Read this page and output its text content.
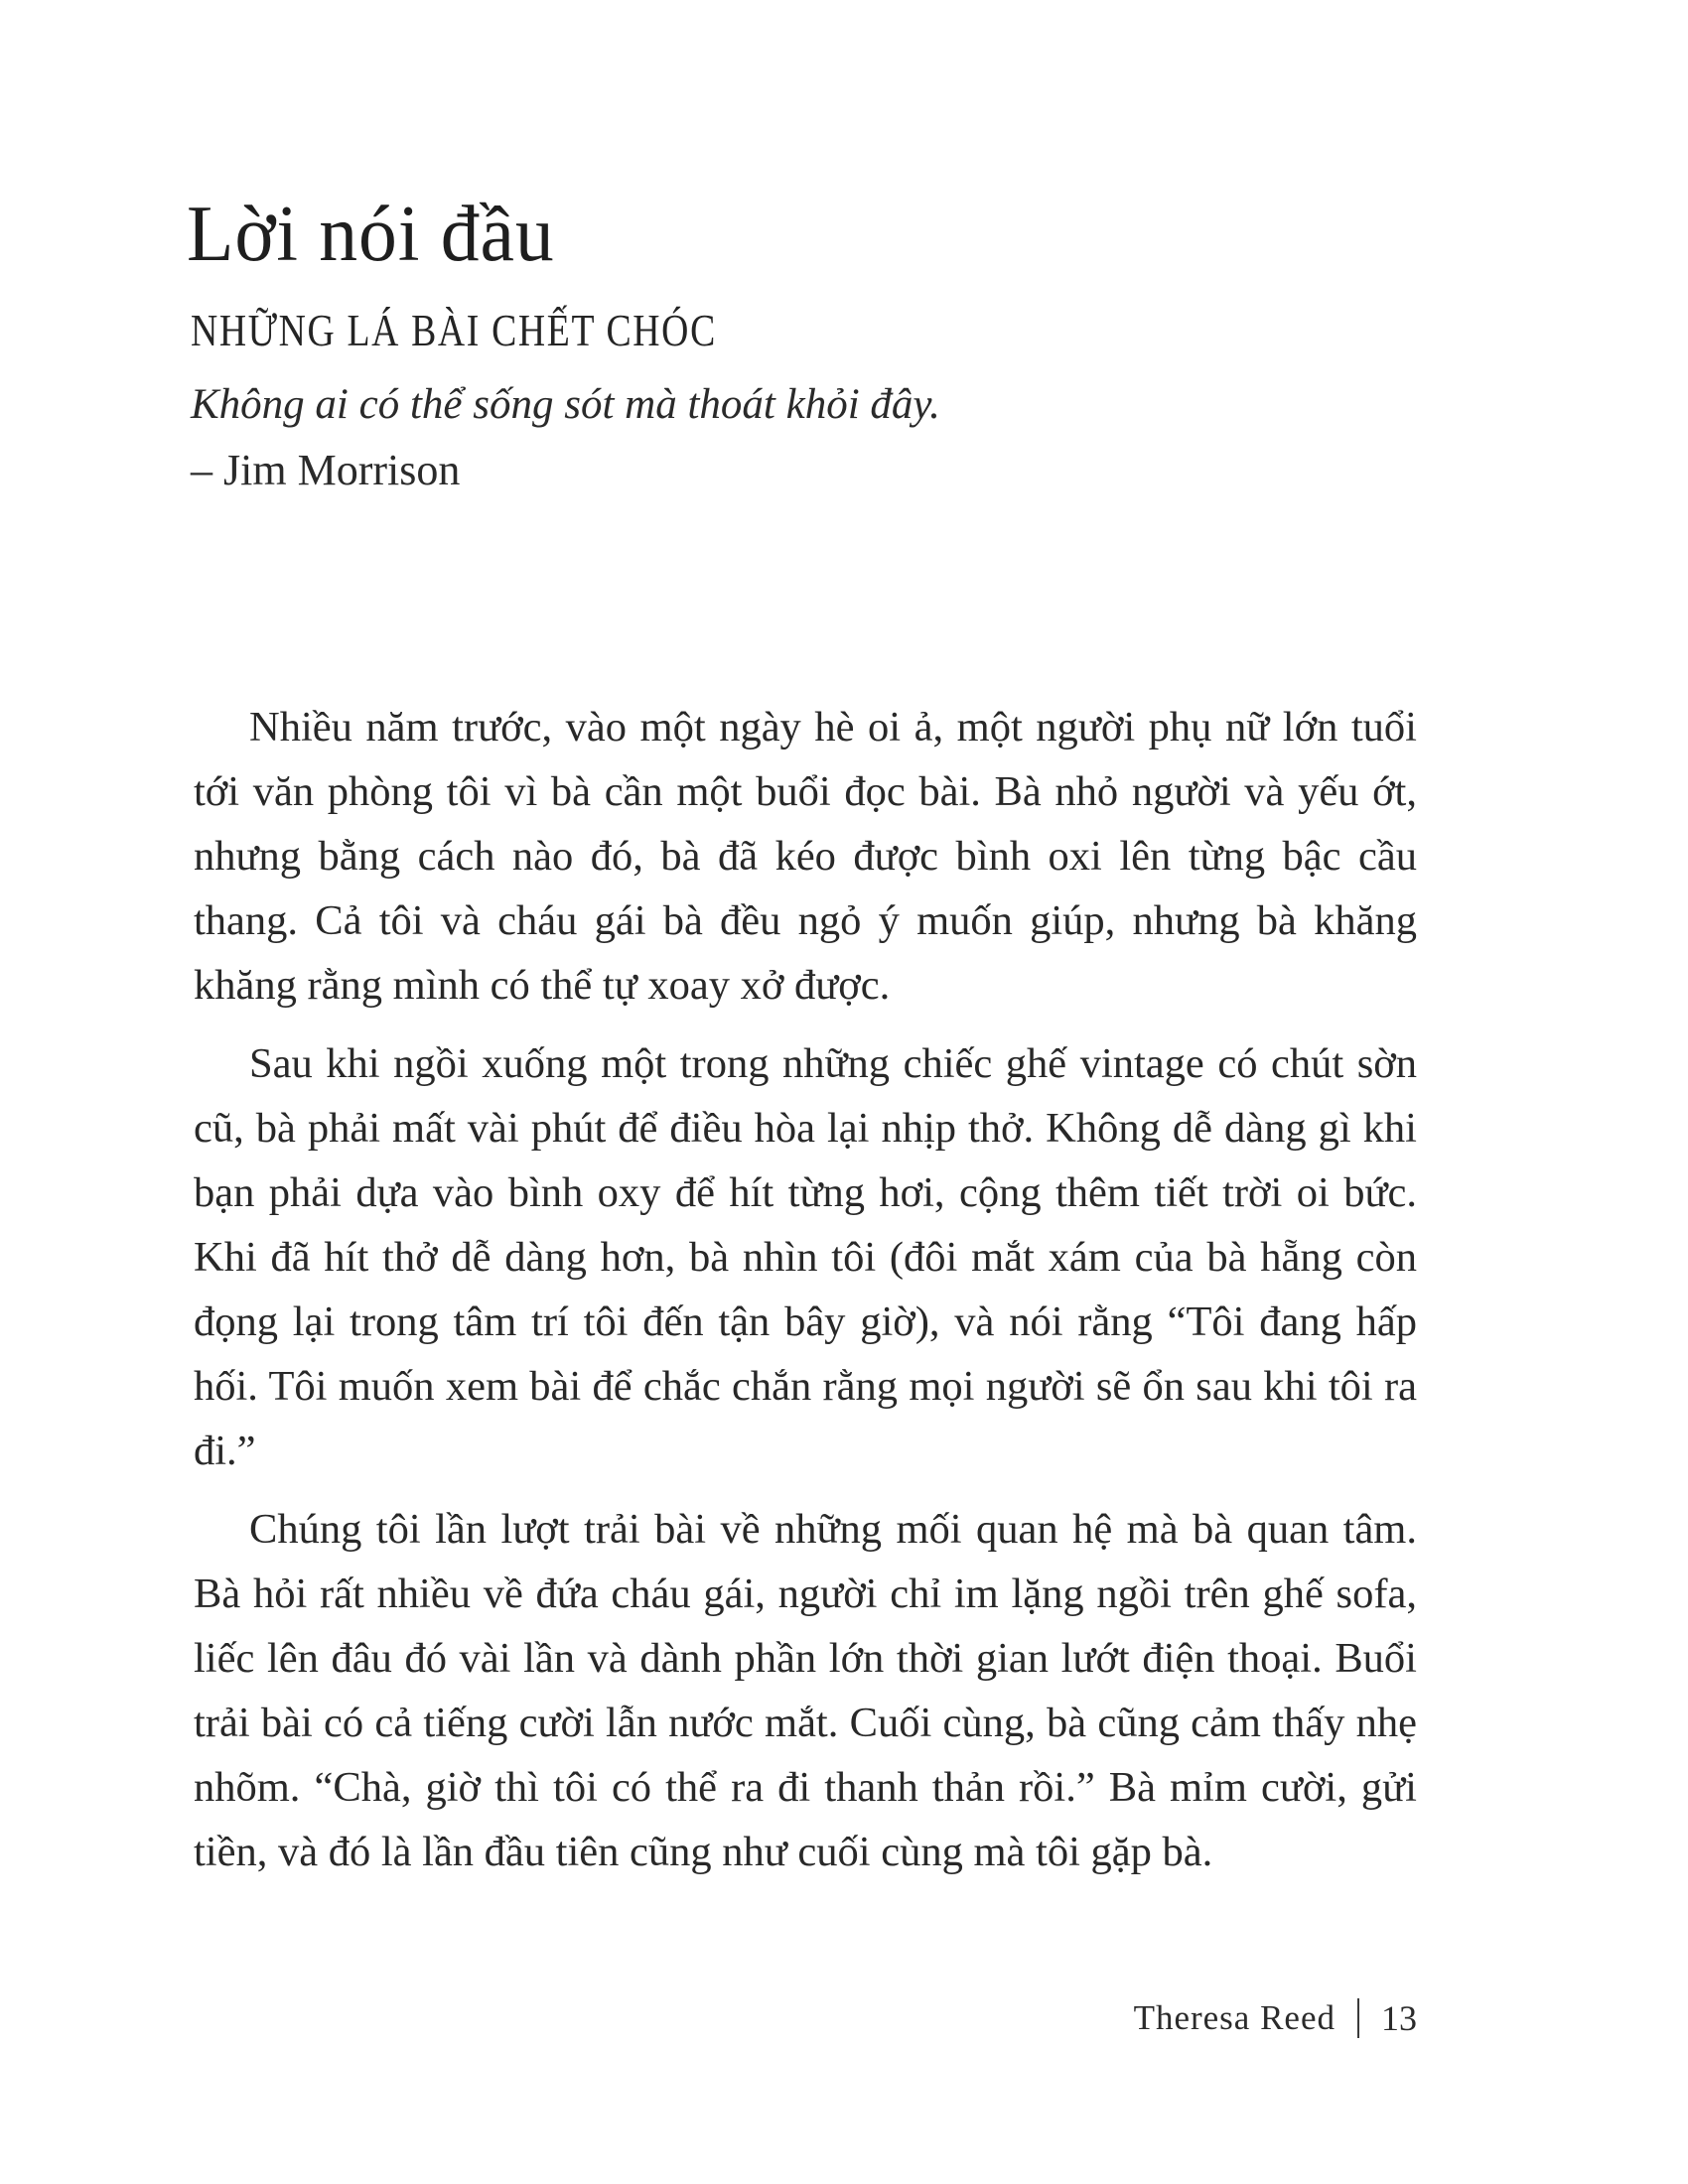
Lời nói đầu
NHỮNG LÁ BÀI CHẾT CHÓC

Không ai có thể sống sót mà thoát khỏi đây.

– Jim Morrison

Nhiều năm trước, vào một ngày hè oi ả, một người phụ nữ lớn tuổi tới văn phòng tôi vì bà cần một buổi đọc bài. Bà nhỏ người và yếu ớt, nhưng bằng cách nào đó, bà đã kéo được bình oxi lên từng bậc cầu thang. Cả tôi và cháu gái bà đều ngỏ ý muốn giúp, nhưng bà khăng khăng rằng mình có thể tự xoay xở được.

Sau khi ngồi xuống một trong những chiếc ghế vintage có chút sờn cũ, bà phải mất vài phút để điều hòa lại nhịp thở. Không dễ dàng gì khi bạn phải dựa vào bình oxy để hít từng hơi, cộng thêm tiết trời oi bức. Khi đã hít thở dễ dàng hơn, bà nhìn tôi (đôi mắt xám của bà hẵng còn đọng lại trong tâm trí tôi đến tận bây giờ), và nói rằng “Tôi đang hấp hối. Tôi muốn xem bài để chắc chắn rằng mọi người sẽ ổn sau khi tôi ra đi.”

Chúng tôi lần lượt trải bài về những mối quan hệ mà bà quan tâm. Bà hỏi rất nhiều về đứa cháu gái, người chỉ im lặng ngồi trên ghế sofa, liếc lên đâu đó vài lần và dành phần lớn thời gian lướt điện thoại. Buổi trải bài có cả tiếng cười lẫn nước mắt. Cuối cùng, bà cũng cảm thấy nhẹ nhõm. “Chà, giờ thì tôi có thể ra đi thanh thản rồi.” Bà mỉm cười, gửi tiền, và đó là lần đầu tiên cũng như cuối cùng mà tôi gặp bà.

Theresa Reed 13
